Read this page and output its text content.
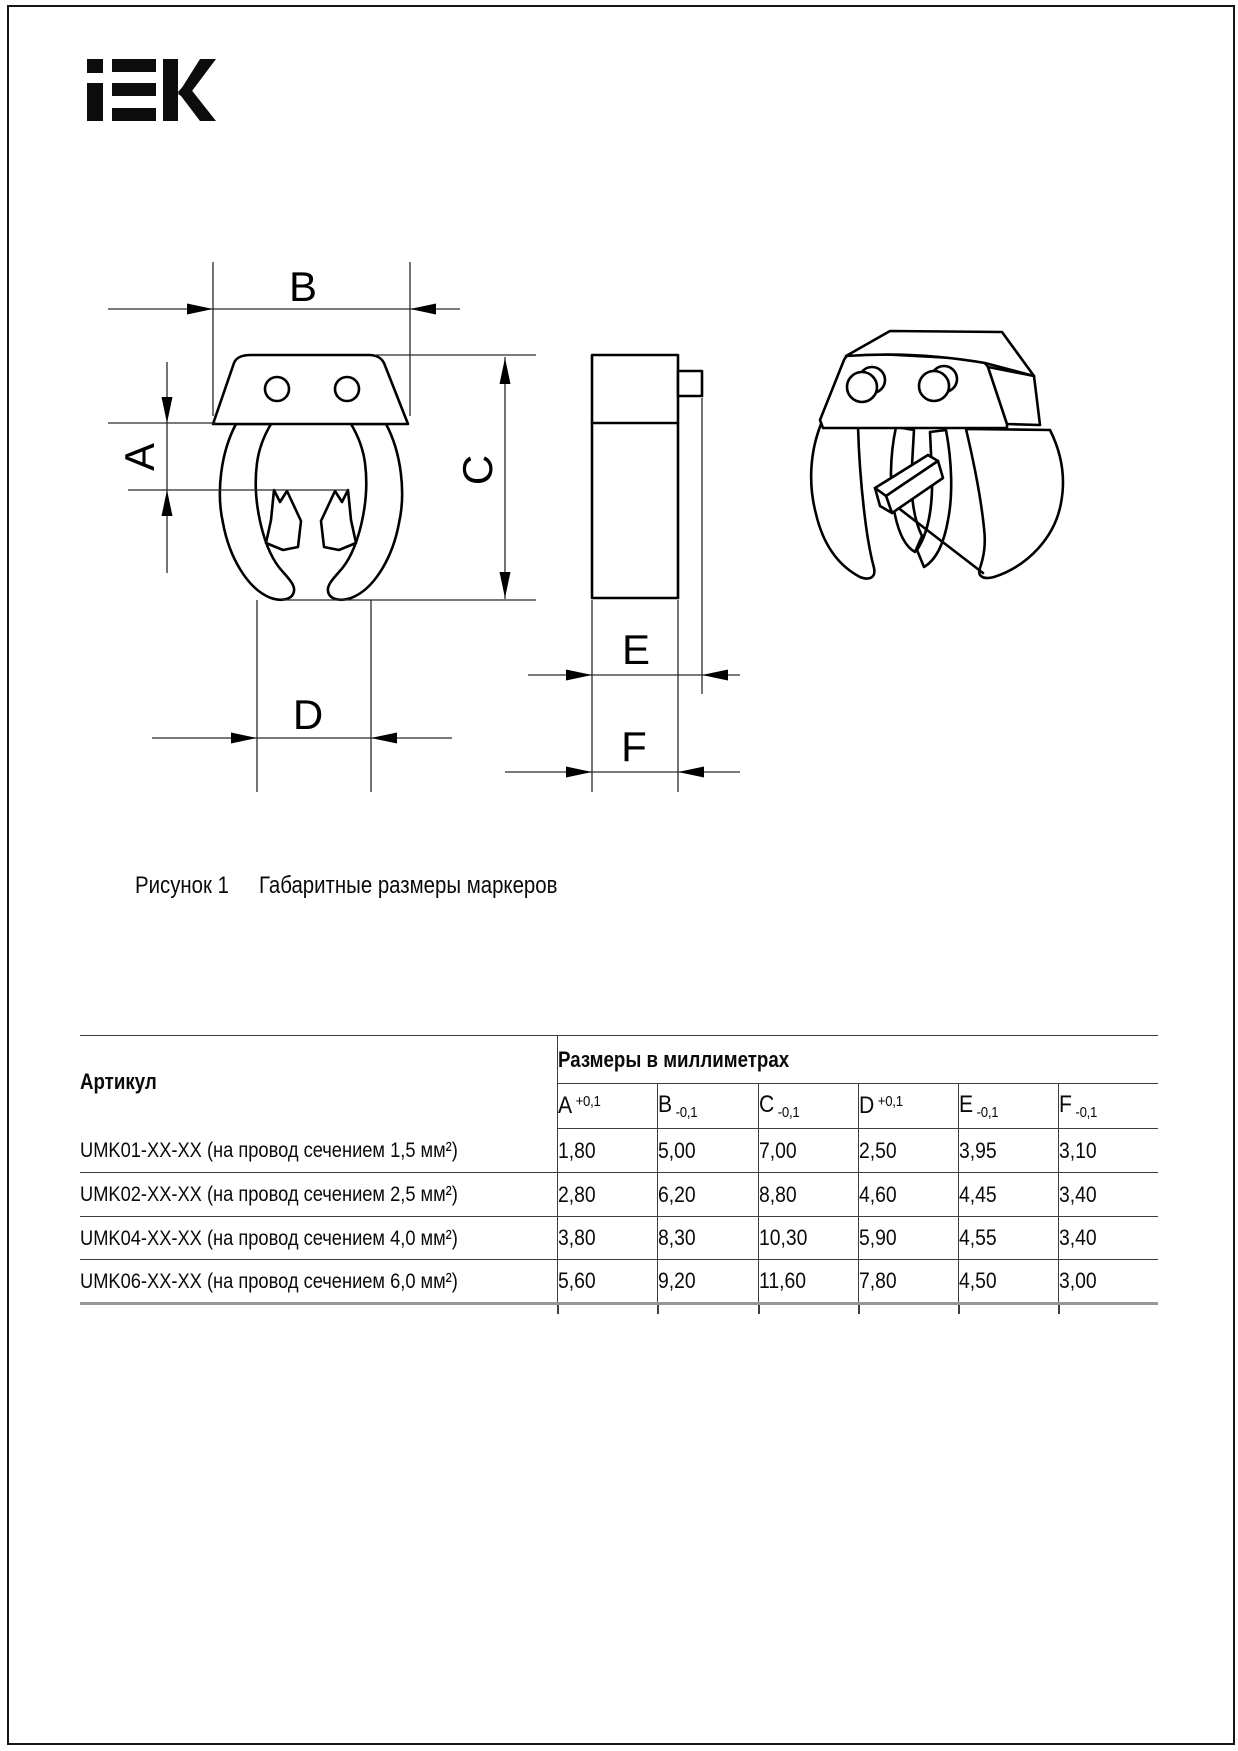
B
A	C
D
E
F
Рисунок 1 Габаритные размеры маркеров
Артикул	Размеры в миллиметрах					
	A $^{+0,1}$	B $_{-0,1}$	C $_{-0,1}$	D $^{+0,1}$	E $_{-0,1}$	F $_{-0,1}$
UMK01-XX-XX (на провод сечением 1,5 мм²)	1,80	5,00	7,00	2,50	3,95	3,10
UMK02-XX-XX (на провод сечением 2,5 мм²)	2,80	6,20	8,80	4,60	4,45	3,40
UMK04-XX-XX (на провод сечением 4,0 мм²)	3,80	8,30	10,30	5,90	4,55	3,40
UMK06-XX-XX (на провод сечением 6,0 мм²)	5,60	9,20	11,60	7,80	4,50	3,00
